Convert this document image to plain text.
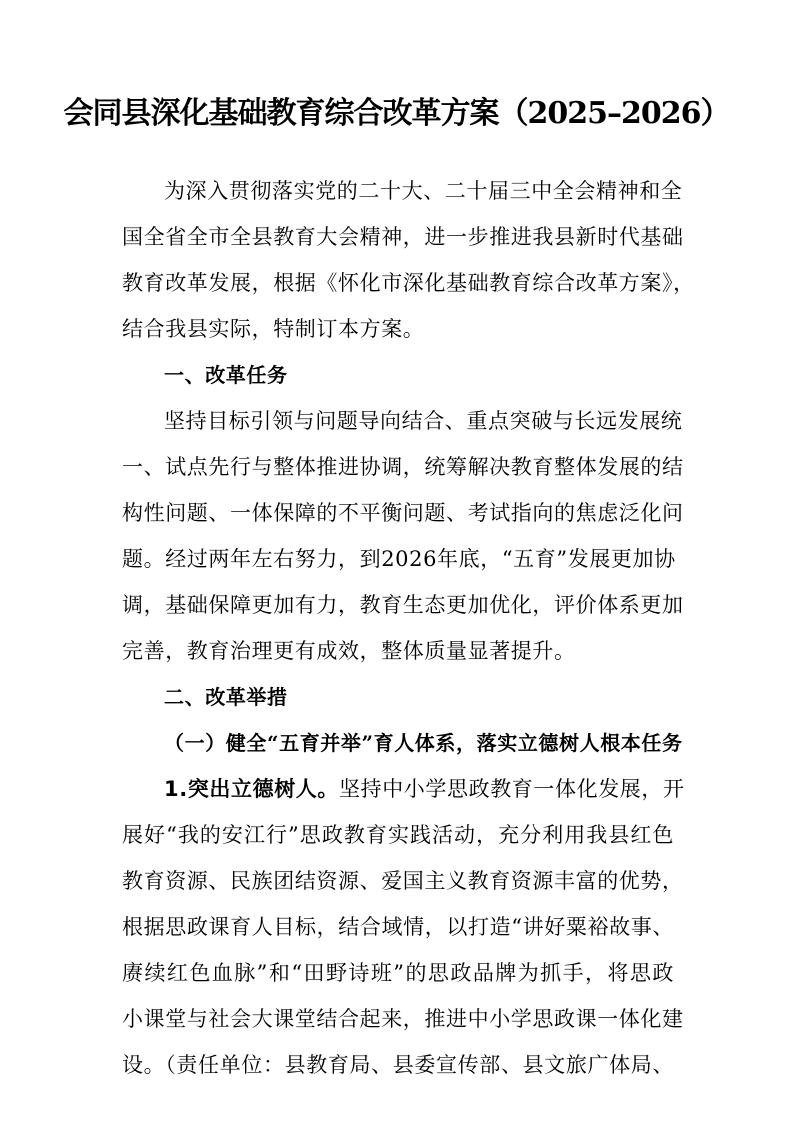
会同县深化基础教育综合改革方案（2025–2026）
为深入贯彻落实党的二十大、二十届三中全会精神和全
国全省全市全县教育大会精神，进一步推进我县新时代基础
教育改革发展，根据《怀化市深化基础教育综合改革方案》，
结合我县实际，特制订本方案。
一、改革任务
坚持目标引领与问题导向结合、重点突破与长远发展统
一、试点先行与整体推进协调，统筹解决教育整体发展的结
构性问题、一体保障的不平衡问题、考试指向的焦虑泛化问
题。经过两年左右努力，到2026年底，“五育”发展更加协
调，基础保障更加有力，教育生态更加优化，评价体系更加
完善，教育治理更有成效，整体质量显著提升。
二、改革举措
（一）健全“五育并举”育人体系，落实立德树人根本任务
1.突出立德树人。坚持中小学思政教育一体化发展，开
展好“我的安江行”思政教育实践活动，充分利用我县红色
教育资源、民族团结资源、爱国主义教育资源丰富的优势，
根据思政课育人目标，结合域情，以打造“讲好粟裕故事、
赓续红色血脉”和“田野诗班”的思政品牌为抓手，将思政
小课堂与社会大课堂结合起来，推进中小学思政课一体化建
设。（责任单位：县教育局、县委宣传部、县文旅广体局、
